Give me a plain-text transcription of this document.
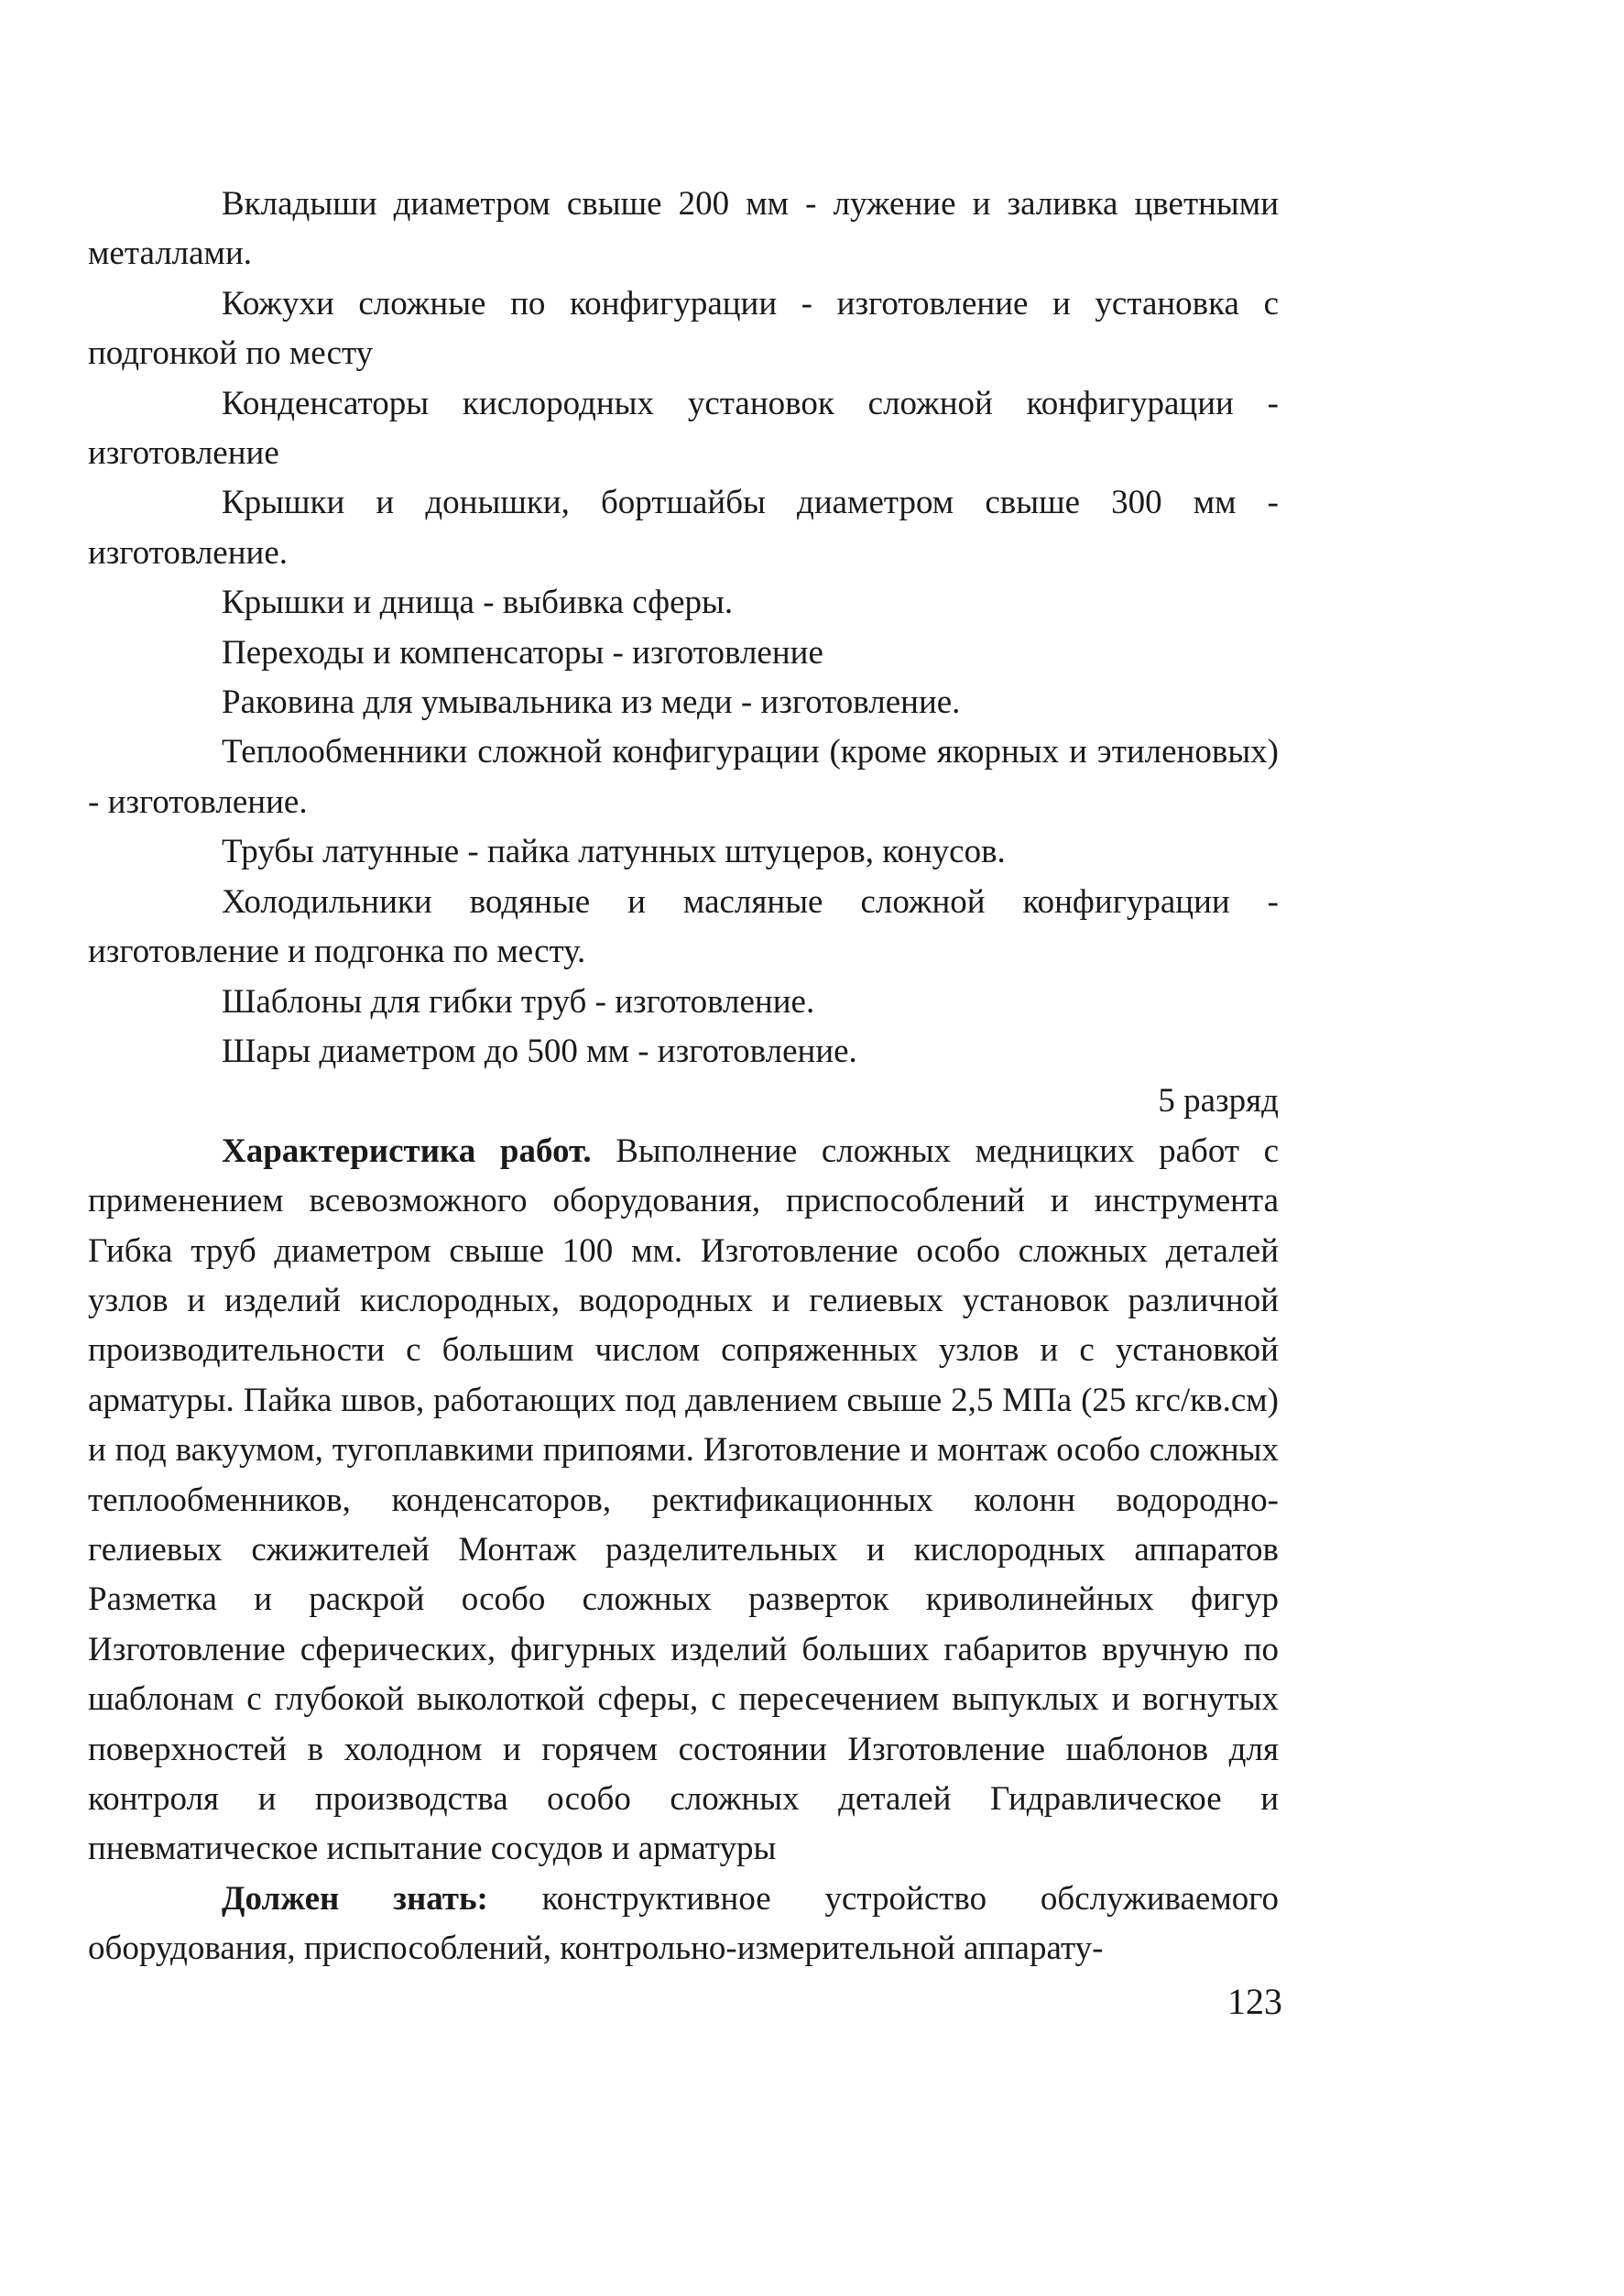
Вкладыши диаметром свыше 200 мм - лужение и заливка цветными металлами.

Кожухи сложные по конфигурации - изготовление и установка с подгонкой по месту

Конденсаторы кислородных установок сложной конфигурации - изготовление

Крышки и донышки, бортшайбы диаметром свыше 300 мм - изготовление.

Крышки и днища - выбивка сферы.

Переходы и компенсаторы - изготовление

Раковина для умывальника из меди - изготовление.

Теплообменники сложной конфигурации (кроме якорных и этиленовых) - изготовление.

Трубы латунные - пайка латунных штуцеров, конусов.

Холодильники водяные и масляные сложной конфигурации - изготовление и подгонка по месту.

Шаблоны для гибки труб - изготовление.

Шары диаметром до 500 мм - изготовление.

5 разряд

Характеристика работ. Выполнение сложных медницких работ с применением всевозможного оборудования, приспособлений и инструмента Гибка труб диаметром свыше 100 мм. Изготовление особо сложных деталей узлов и изделий кислородных, водородных и гелиевых установок различной производительности с большим числом сопряженных узлов и с установкой арматуры. Пайка швов, работающих под давлением свыше 2,5 МПа (25 кгс/кв.см) и под вакуумом, тугоплавкими припоями. Изготовление и монтаж особо сложных теплообменников, конденсаторов, ректификационных колонн водородно-гелиевых сжижителей Монтаж разделительных и кислородных аппаратов Разметка и раскрой особо сложных разверток криволинейных фигур Изготовление сферических, фигурных изделий больших габаритов вручную по шаблонам с глубокой выколоткой сферы, с пересечением выпуклых и вогнутых поверхностей в холодном и горячем состоянии Изготовление шаблонов для контроля и производства особо сложных деталей Гидравлическое и пневматическое испытание сосудов и арматуры

Должен знать: конструктивное устройство обслуживаемого оборудования, приспособлений, контрольно-измерительной аппарату-

123
